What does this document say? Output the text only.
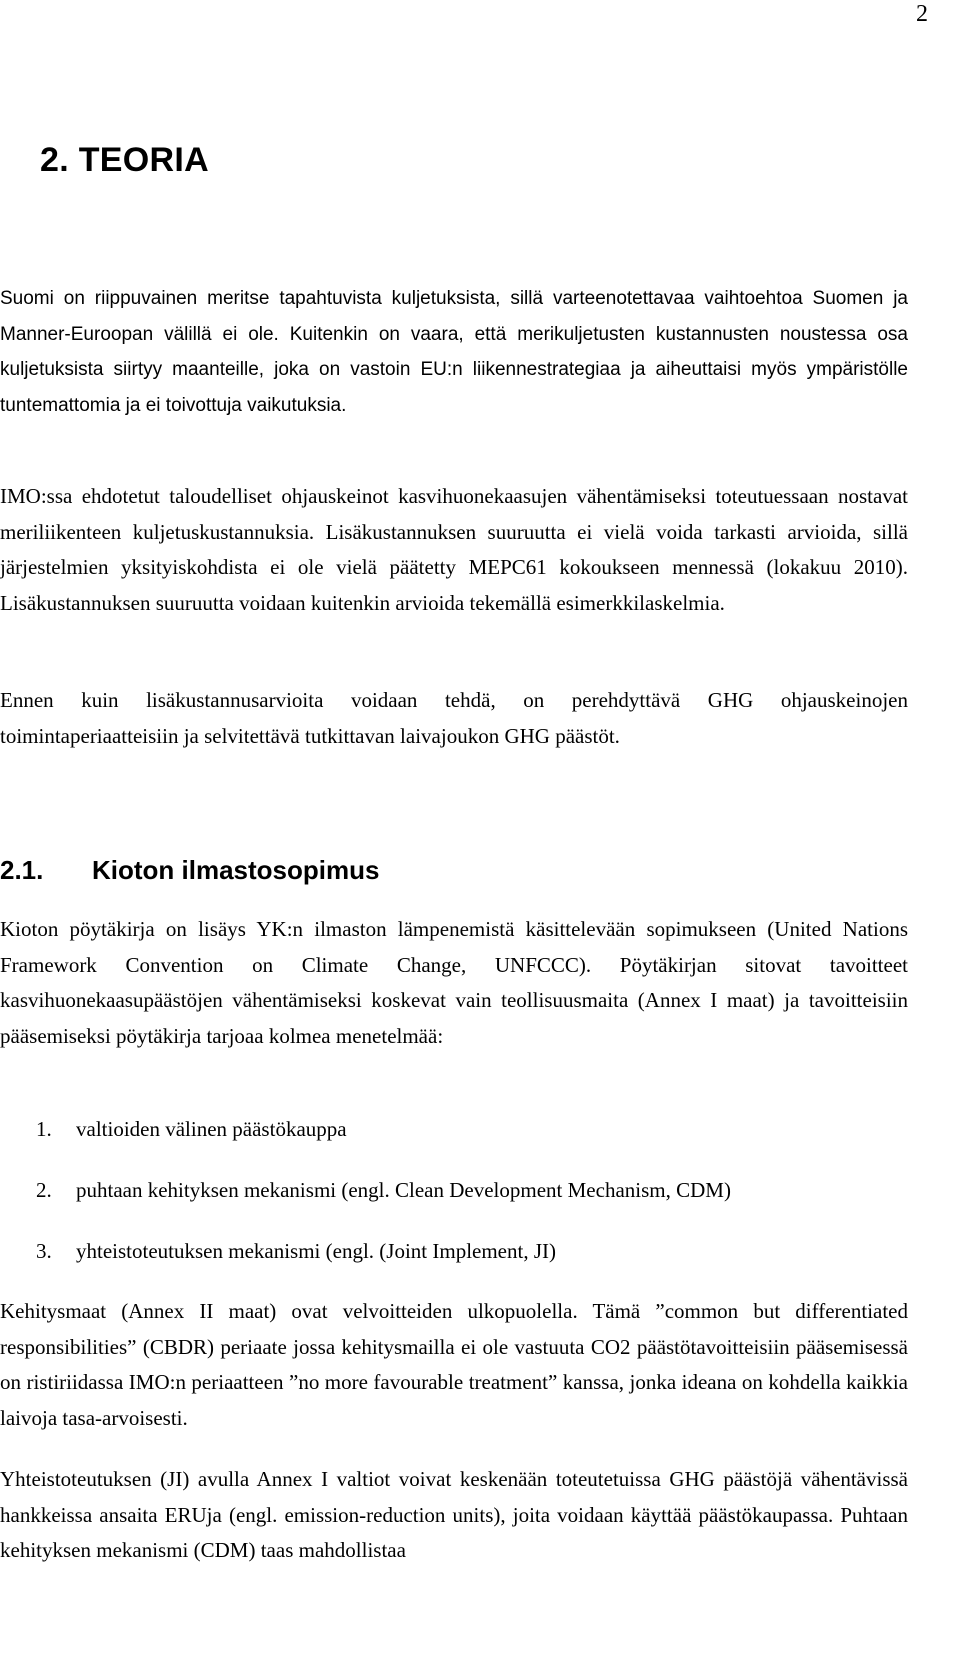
2
2. TEORIA

Suomi on riippuvainen meritse tapahtuvista kuljetuksista, sillä varteenotettavaa vaihtoehtoa Suomen ja Manner-Euroopan välillä ei ole. Kuitenkin on vaara, että merikuljetusten kustannusten noustessa osa kuljetuksista siirtyy maanteille, joka on vastoin EU:n liikennestrategiaa ja aiheuttaisi myös ympäristölle tuntemattomia ja ei toivottuja vaikutuksia.

IMO:ssa ehdotetut taloudelliset ohjauskeinot kasvihuonekaasujen vähentämiseksi toteutuessaan nostavat meriliikenteen kuljetuskustannuksia. Lisäkustannuksen suuruutta ei vielä voida tarkasti arvioida, sillä järjestelmien yksityiskohdista ei ole vielä päätetty MEPC61 kokoukseen mennessä (lokakuu 2010). Lisäkustannuksen suuruutta voidaan kuitenkin arvioida tekemällä esimerkkilaskelmia.

Ennen kuin lisäkustannusarvioita voidaan tehdä, on perehdyttävä GHG ohjauskeinojen toimintaperiaatteisiin ja selvitettävä tutkittavan laivajoukon GHG päästöt.

2.1. Kioton ilmastosopimus

Kioton pöytäkirja on lisäys YK:n ilmaston lämpenemistä käsittelevään sopimukseen (United Nations Framework Convention on Climate Change, UNFCCC). Pöytäkirjan sitovat tavoitteet kasvihuonekaasupäästöjen vähentämiseksi koskevat vain teollisuusmaita (Annex I maat) ja tavoitteisiin pääsemiseksi pöytäkirja tarjoaa kolmea menetelmää:

1.	valtioiden välinen päästökauppa
2.	puhtaan kehityksen mekanismi (engl. Clean Development Mechanism, CDM)
3.	yhteistoteutuksen mekanismi (engl. (Joint Implement, JI)

Kehitysmaat (Annex II maat) ovat velvoitteiden ulkopuolella. Tämä ”common but differentiated responsibilities” (CBDR) periaate jossa kehitysmailla ei ole vastuuta CO2 päästötavoitteisiin pääsemisessä on ristiriidassa IMO:n periaatteen ”no more favourable treatment” kanssa, jonka ideana on kohdella kaikkia laivoja tasa-arvoisesti.

Yhteistoteutuksen (JI) avulla Annex I valtiot voivat keskenään toteutetuissa GHG päästöjä vähentävissä hankkeissa ansaita ERUja (engl. emission-reduction units), joita voidaan käyttää päästökaupassa. Puhtaan kehityksen mekanismi (CDM) taas mahdollistaa
